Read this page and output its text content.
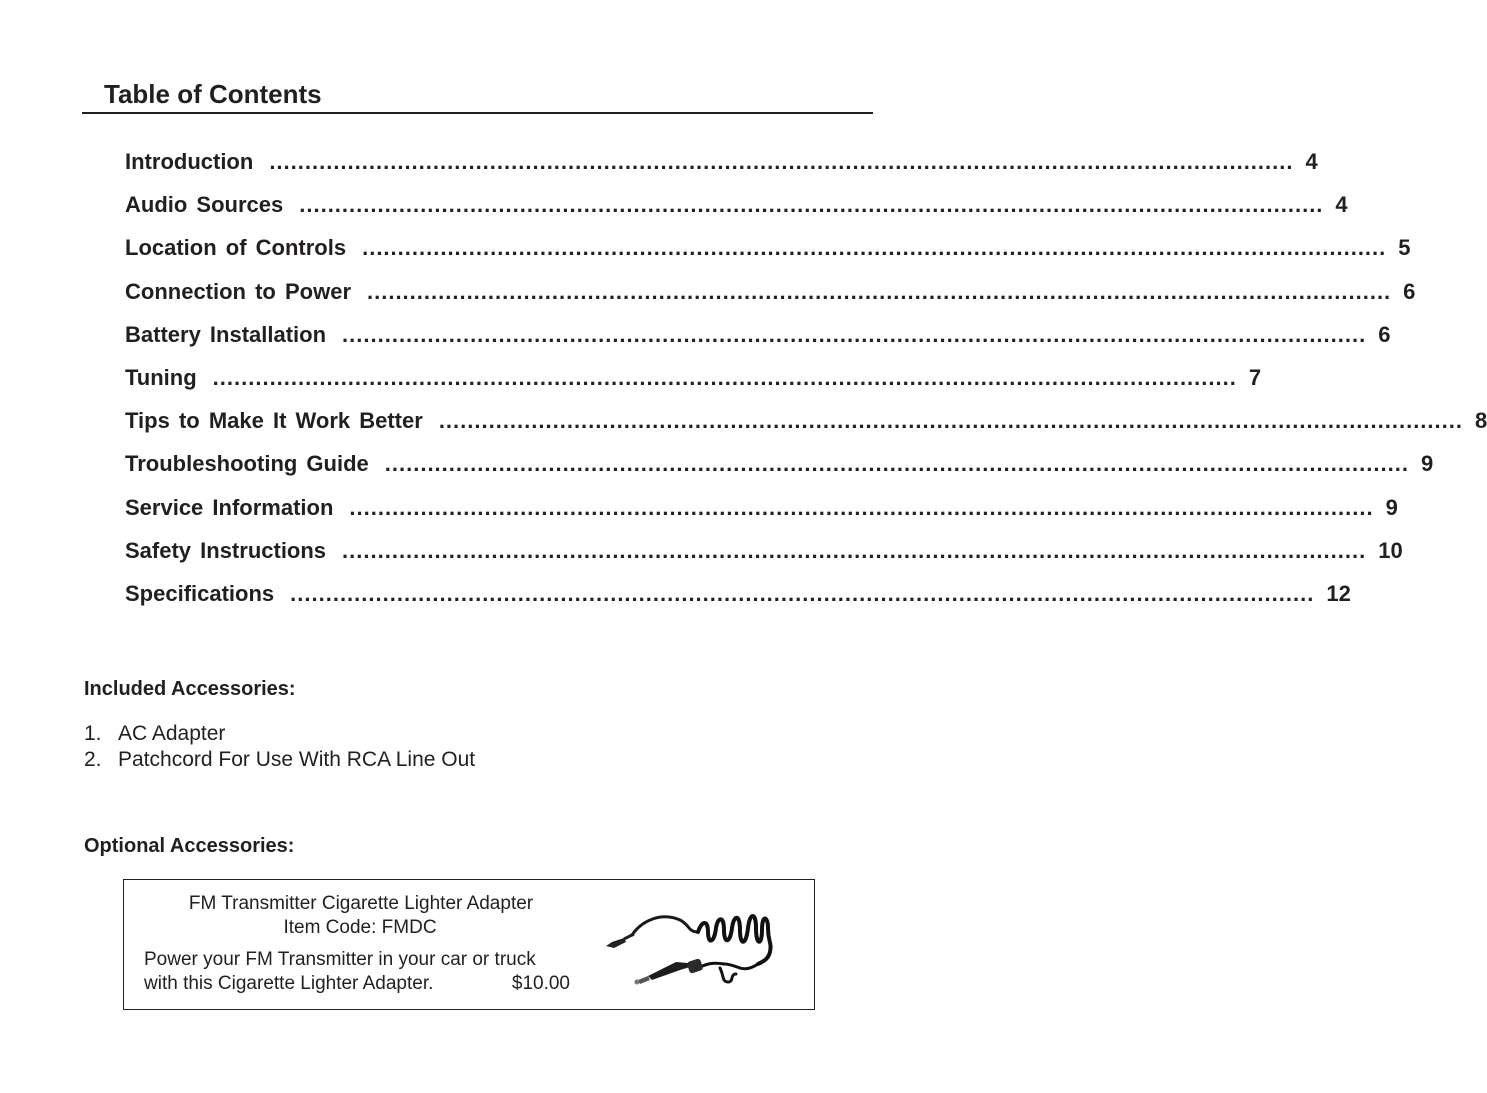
Table of Contents
Introduction ................................................................................................................................................ 4
Audio Sources ................................................................................................................................................ 4
Location of Controls ................................................................................................................................................ 5
Connection to Power ................................................................................................................................................ 6
Battery Installation ................................................................................................................................................ 6
Tuning ................................................................................................................................................ 7
Tips to Make It Work Better ................................................................................................................................................ 8
Troubleshooting Guide ................................................................................................................................................ 9
Service Information ................................................................................................................................................ 9
Safety Instructions ................................................................................................................................................ 10
Specifications ................................................................................................................................................ 12
Included Accessories:
1. AC Adapter
2. Patchcord For Use With RCA Line Out
Optional Accessories:
FM Transmitter Cigarette Lighter Adapter
Item Code: FMDC
Power your FM Transmitter in your car or truck
with this Cigarette Lighter Adapter.	$10.00
